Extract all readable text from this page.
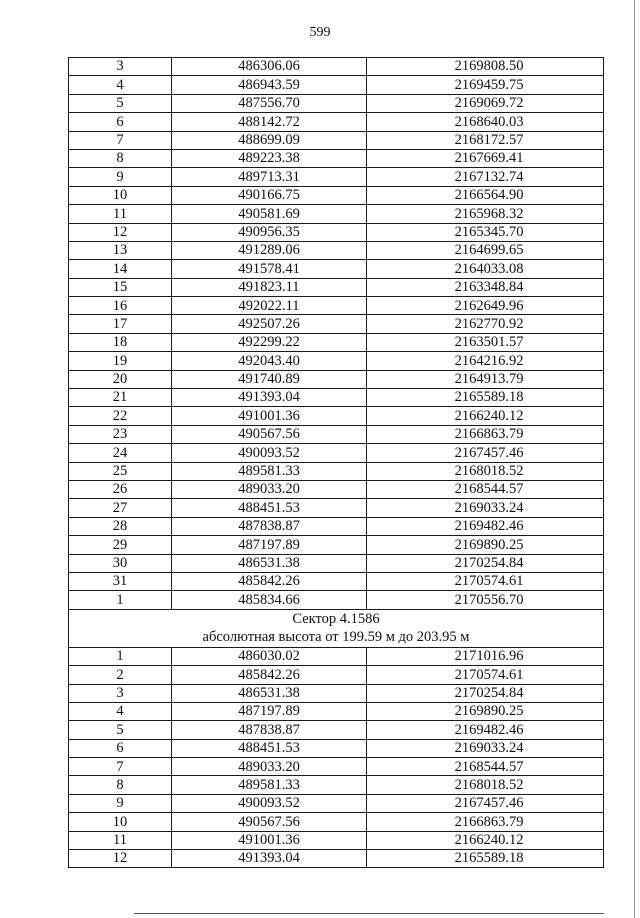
599
3	486306.06	2169808.50
4	486943.59	2169459.75
5	487556.70	2169069.72
6	488142.72	2168640.03
7	488699.09	2168172.57
8	489223.38	2167669.41
9	489713.31	2167132.74
10	490166.75	2166564.90
11	490581.69	2165968.32
12	490956.35	2165345.70
13	491289.06	2164699.65
14	491578.41	2164033.08
15	491823.11	2163348.84
16	492022.11	2162649.96
17	492507.26	2162770.92
18	492299.22	2163501.57
19	492043.40	2164216.92
20	491740.89	2164913.79
21	491393.04	2165589.18
22	491001.36	2166240.12
23	490567.56	2166863.79
24	490093.52	2167457.46
25	489581.33	2168018.52
26	489033.20	2168544.57
27	488451.53	2169033.24
28	487838.87	2169482.46
29	487197.89	2169890.25
30	486531.38	2170254.84
31	485842.26	2170574.61
1	485834.66	2170556.70
Сектор 4.1586		
абсолютная высота от 199.59 м до 203.95 м		
1	486030.02	2171016.96
2	485842.26	2170574.61
3	486531.38	2170254.84
4	487197.89	2169890.25
5	487838.87	2169482.46
6	488451.53	2169033.24
7	489033.20	2168544.57
8	489581.33	2168018.52
9	490093.52	2167457.46
10	490567.56	2166863.79
11	491001.36	2166240.12
12	491393.04	2165589.18
